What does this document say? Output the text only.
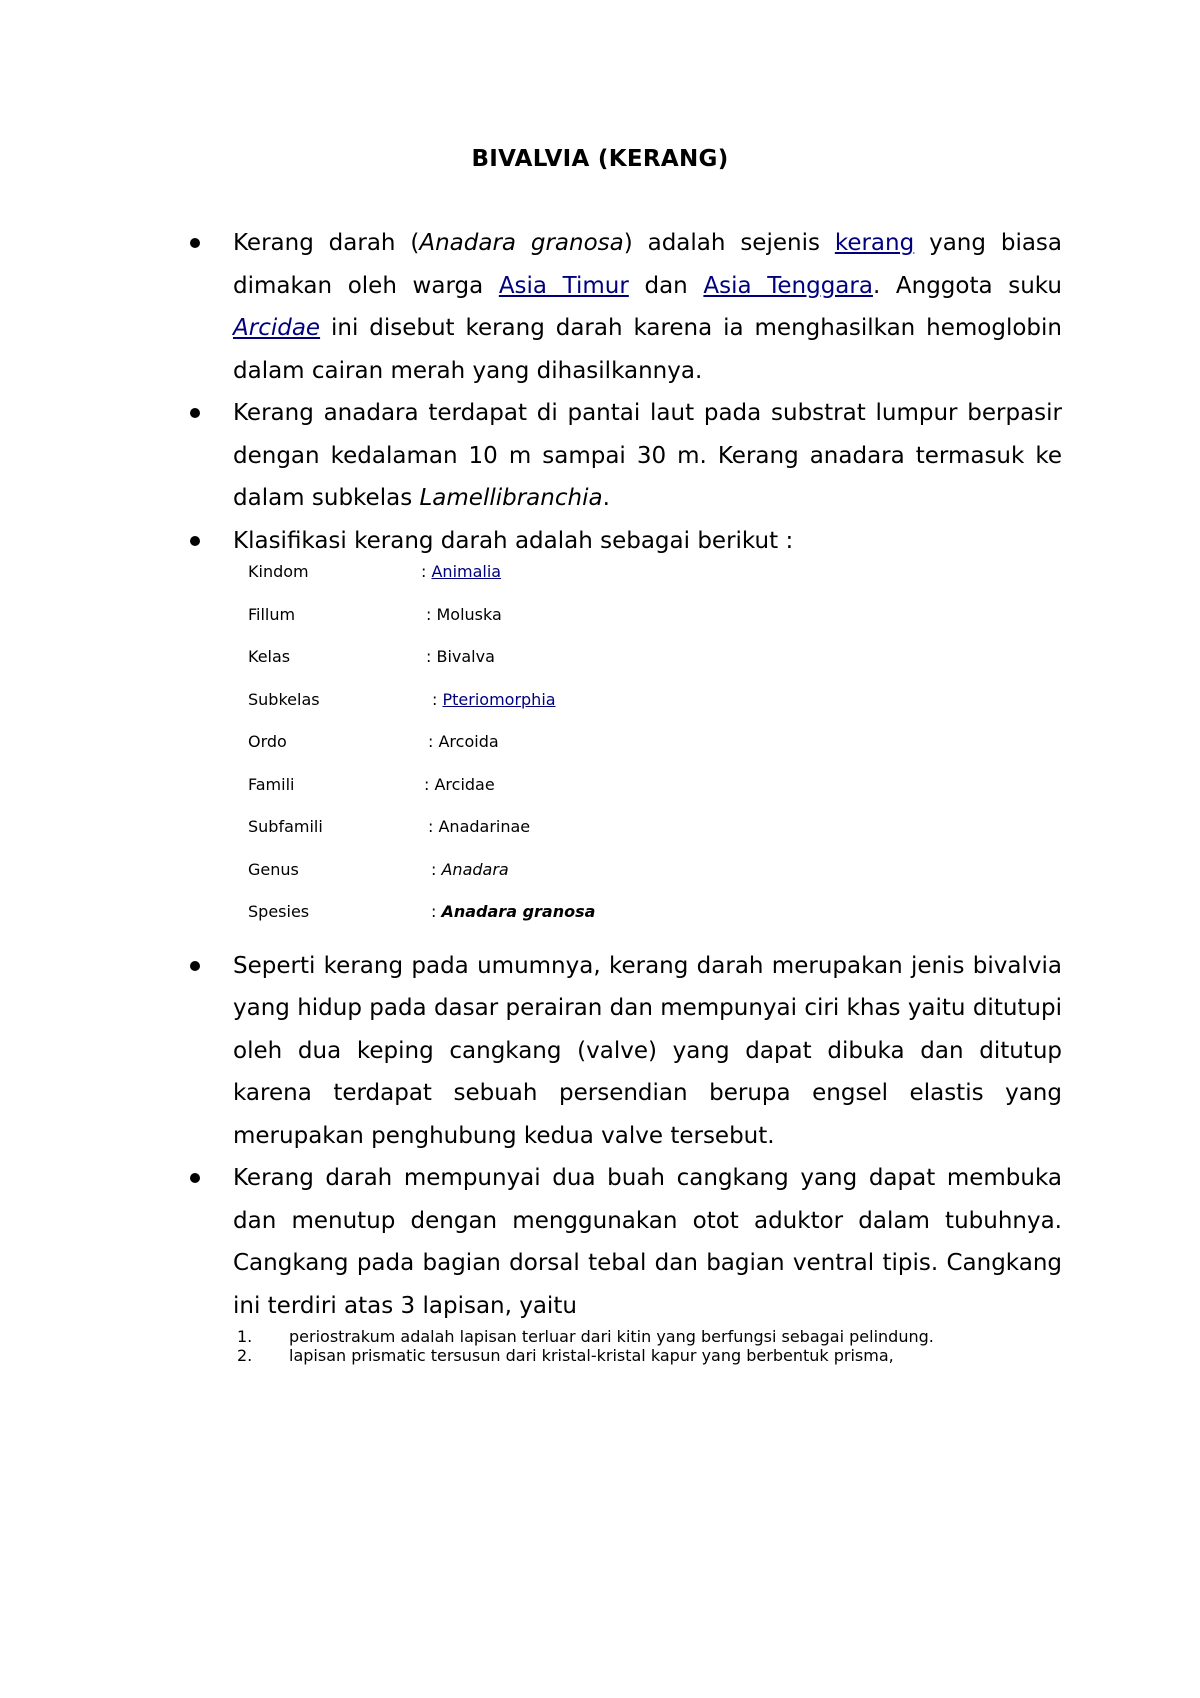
BIVALVIA (KERANG)
Kerang darah (Anadara granosa) adalah sejenis kerang yang biasa dimakan oleh warga Asia Timur dan Asia Tenggara. Anggota suku Arcidae ini disebut kerang darah karena ia menghasilkan hemoglobin dalam cairan merah yang dihasilkannya.
Kerang anadara terdapat di pantai laut pada substrat lumpur berpasir dengan kedalaman 10 m sampai 30 m. Kerang anadara termasuk ke dalam subkelas Lamellibranchia.
Klasifikasi kerang darah adalah sebagai berikut :
Kindom	: Animalia
Fillum	: Moluska
Kelas	: Bivalva
Subkelas	: Pteriomorphia
Ordo	: Arcoida
Famili	: Arcidae
Subfamili	: Anadarinae
Genus	: Anadara
Spesies	: Anadara granosa
Seperti kerang pada umumnya, kerang darah merupakan jenis bivalvia yang hidup pada dasar perairan dan mempunyai ciri khas yaitu ditutupi oleh dua keping cangkang (valve) yang dapat dibuka dan ditutup karena terdapat sebuah persendian berupa engsel elastis yang merupakan penghubung kedua valve tersebut.
Kerang darah mempunyai dua buah cangkang yang dapat membuka dan menutup dengan menggunakan otot aduktor dalam tubuhnya. Cangkang pada bagian dorsal tebal dan bagian ventral tipis. Cangkang ini terdiri atas 3 lapisan, yaitu
1. periostrakum adalah lapisan terluar dari kitin yang berfungsi sebagai pelindung.
2. lapisan prismatic tersusun dari kristal-kristal kapur yang berbentuk prisma,
